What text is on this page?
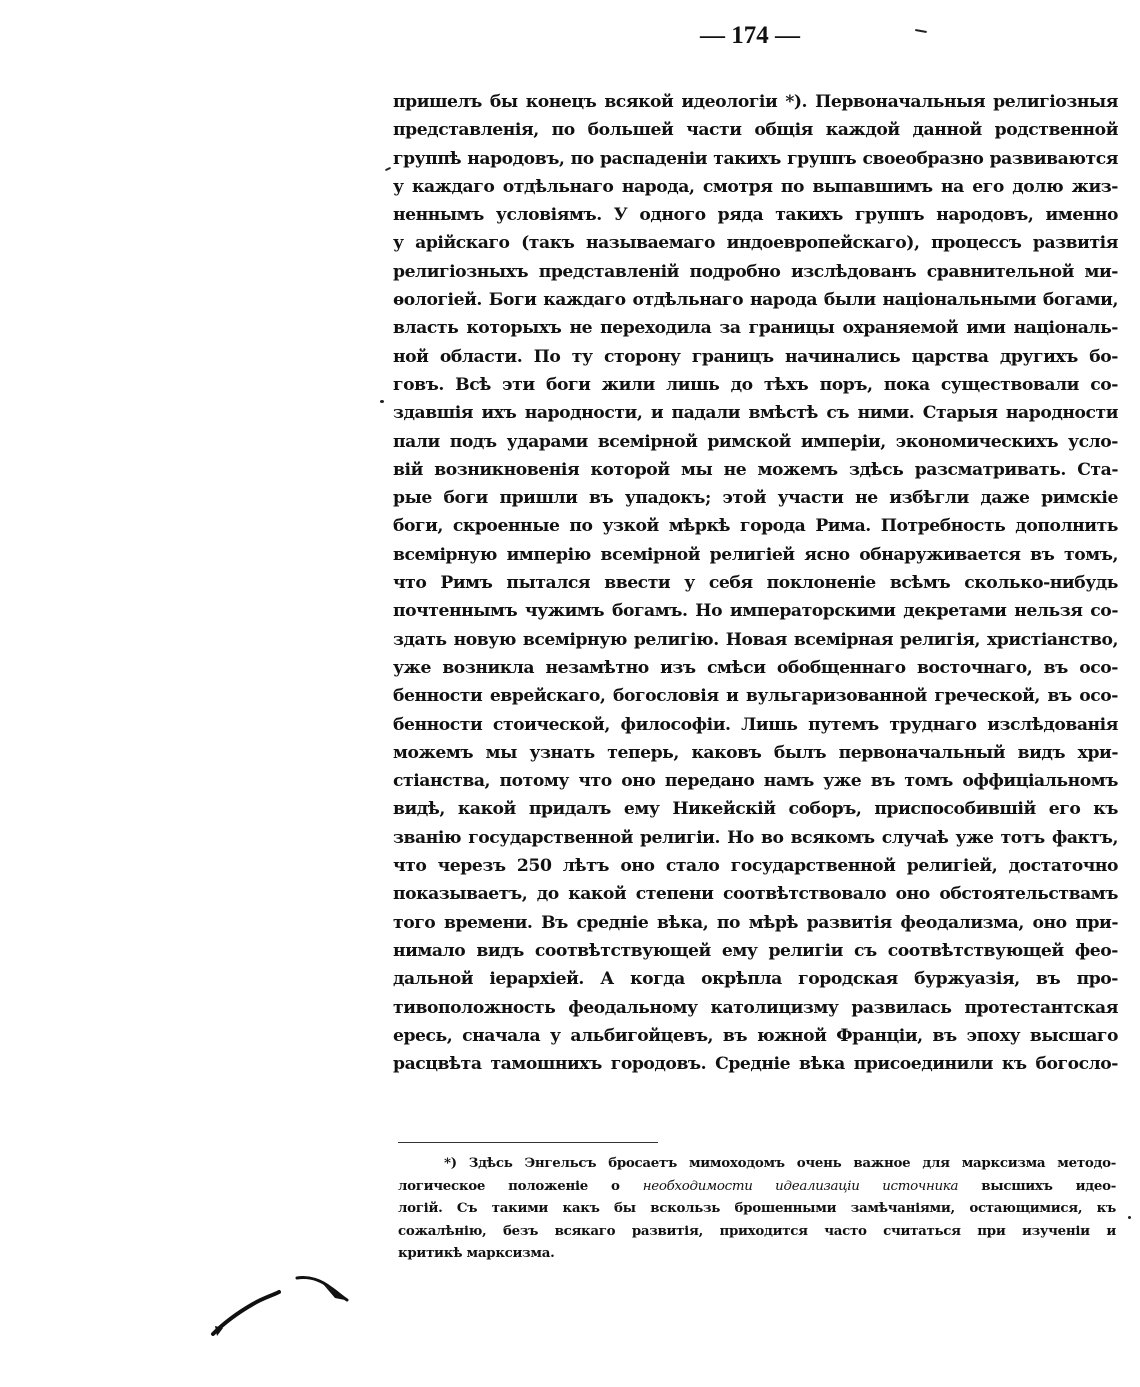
— 174 —
пришелъ бы конецъ всякой идеологіи *). Первоначальныя религіозныя
представленія, по большей части общія каждой данной родственной
группѣ народовъ, по распаденіи такихъ группъ своеобразно развиваются
у каждаго отдѣльнаго народа, смотря по выпавшимъ на его долю жиз-
неннымъ условіямъ. У одного ряда такихъ группъ народовъ, именно
у арійскаго (такъ называемаго индоевропейскаго), процессъ развитія
религіозныхъ представленій подробно изслѣдованъ сравнительной ми-
ѳологіей. Боги каждаго отдѣльнаго народа были національными богами,
власть которыхъ не переходила за границы охраняемой ими національ-
ной области. По ту сторону границъ начинались царства другихъ бо-
говъ. Всѣ эти боги жили лишь до тѣхъ поръ, пока существовали со-
здавшія ихъ народности, и падали вмѣстѣ съ ними. Старыя народности
пали подъ ударами всемірной римской имперіи, экономическихъ усло-
вій возникновенія которой мы не можемъ здѣсь разсматривать. Ста-
рые боги пришли въ упадокъ; этой участи не избѣгли даже римскіе
боги, скроенные по узкой мѣркѣ города Рима. Потребность дополнить
всемірную имперію всемірной религіей ясно обнаруживается въ томъ,
что Римъ пытался ввести у себя поклоненіе всѣмъ сколько-нибудь
почтеннымъ чужимъ богамъ. Но императорскими декретами нельзя со-
здать новую всемірную религію. Новая всемірная религія, христіанство,
уже возникла незамѣтно изъ смѣси обобщеннаго восточнаго, въ осо-
бенности еврейскаго, богословія и вульгаризованной греческой, въ осо-
бенности стоической, философіи. Лишь путемъ труднаго изслѣдованія
можемъ мы узнать теперь, каковъ былъ первоначальный видъ хри-
стіанства, потому что оно передано намъ уже въ томъ оффиціальномъ
видѣ, какой придалъ ему Никейскій соборъ, приспособившій его къ
званію государственной религіи. Но во всякомъ случаѣ уже тотъ фактъ,
что черезъ 250 лѣтъ оно стало государственной религіей, достаточно
показываетъ, до какой степени соотвѣтствовало оно обстоятельствамъ
того времени. Въ средніе вѣка, по мѣрѣ развитія феодализма, оно при-
нимало видъ соотвѣтствующей ему религіи съ соотвѣтствующей фео-
дальной іерархіей. А когда окрѣпла городская буржуазія, въ про-
тивоположность феодальному католицизму развилась протестантская
ересь, сначала у альбигойцевъ, въ южной Франціи, въ эпоху высшаго
расцвѣта тамошнихъ городовъ. Средніе вѣка присоединили къ богосло-
*) Здѣсь Энгельсъ бросаетъ мимоходомъ очень важное для марксизма методо-
логическое положеніе о необходимости идеализаціи источника высшихъ идео-
логій. Съ такими какъ бы вскользь брошенными замѣчаніями, остающимися, къ
сожалѣнію, безъ всякаго развитія, приходится часто считаться при изученіи и
критикѣ марксизма.
